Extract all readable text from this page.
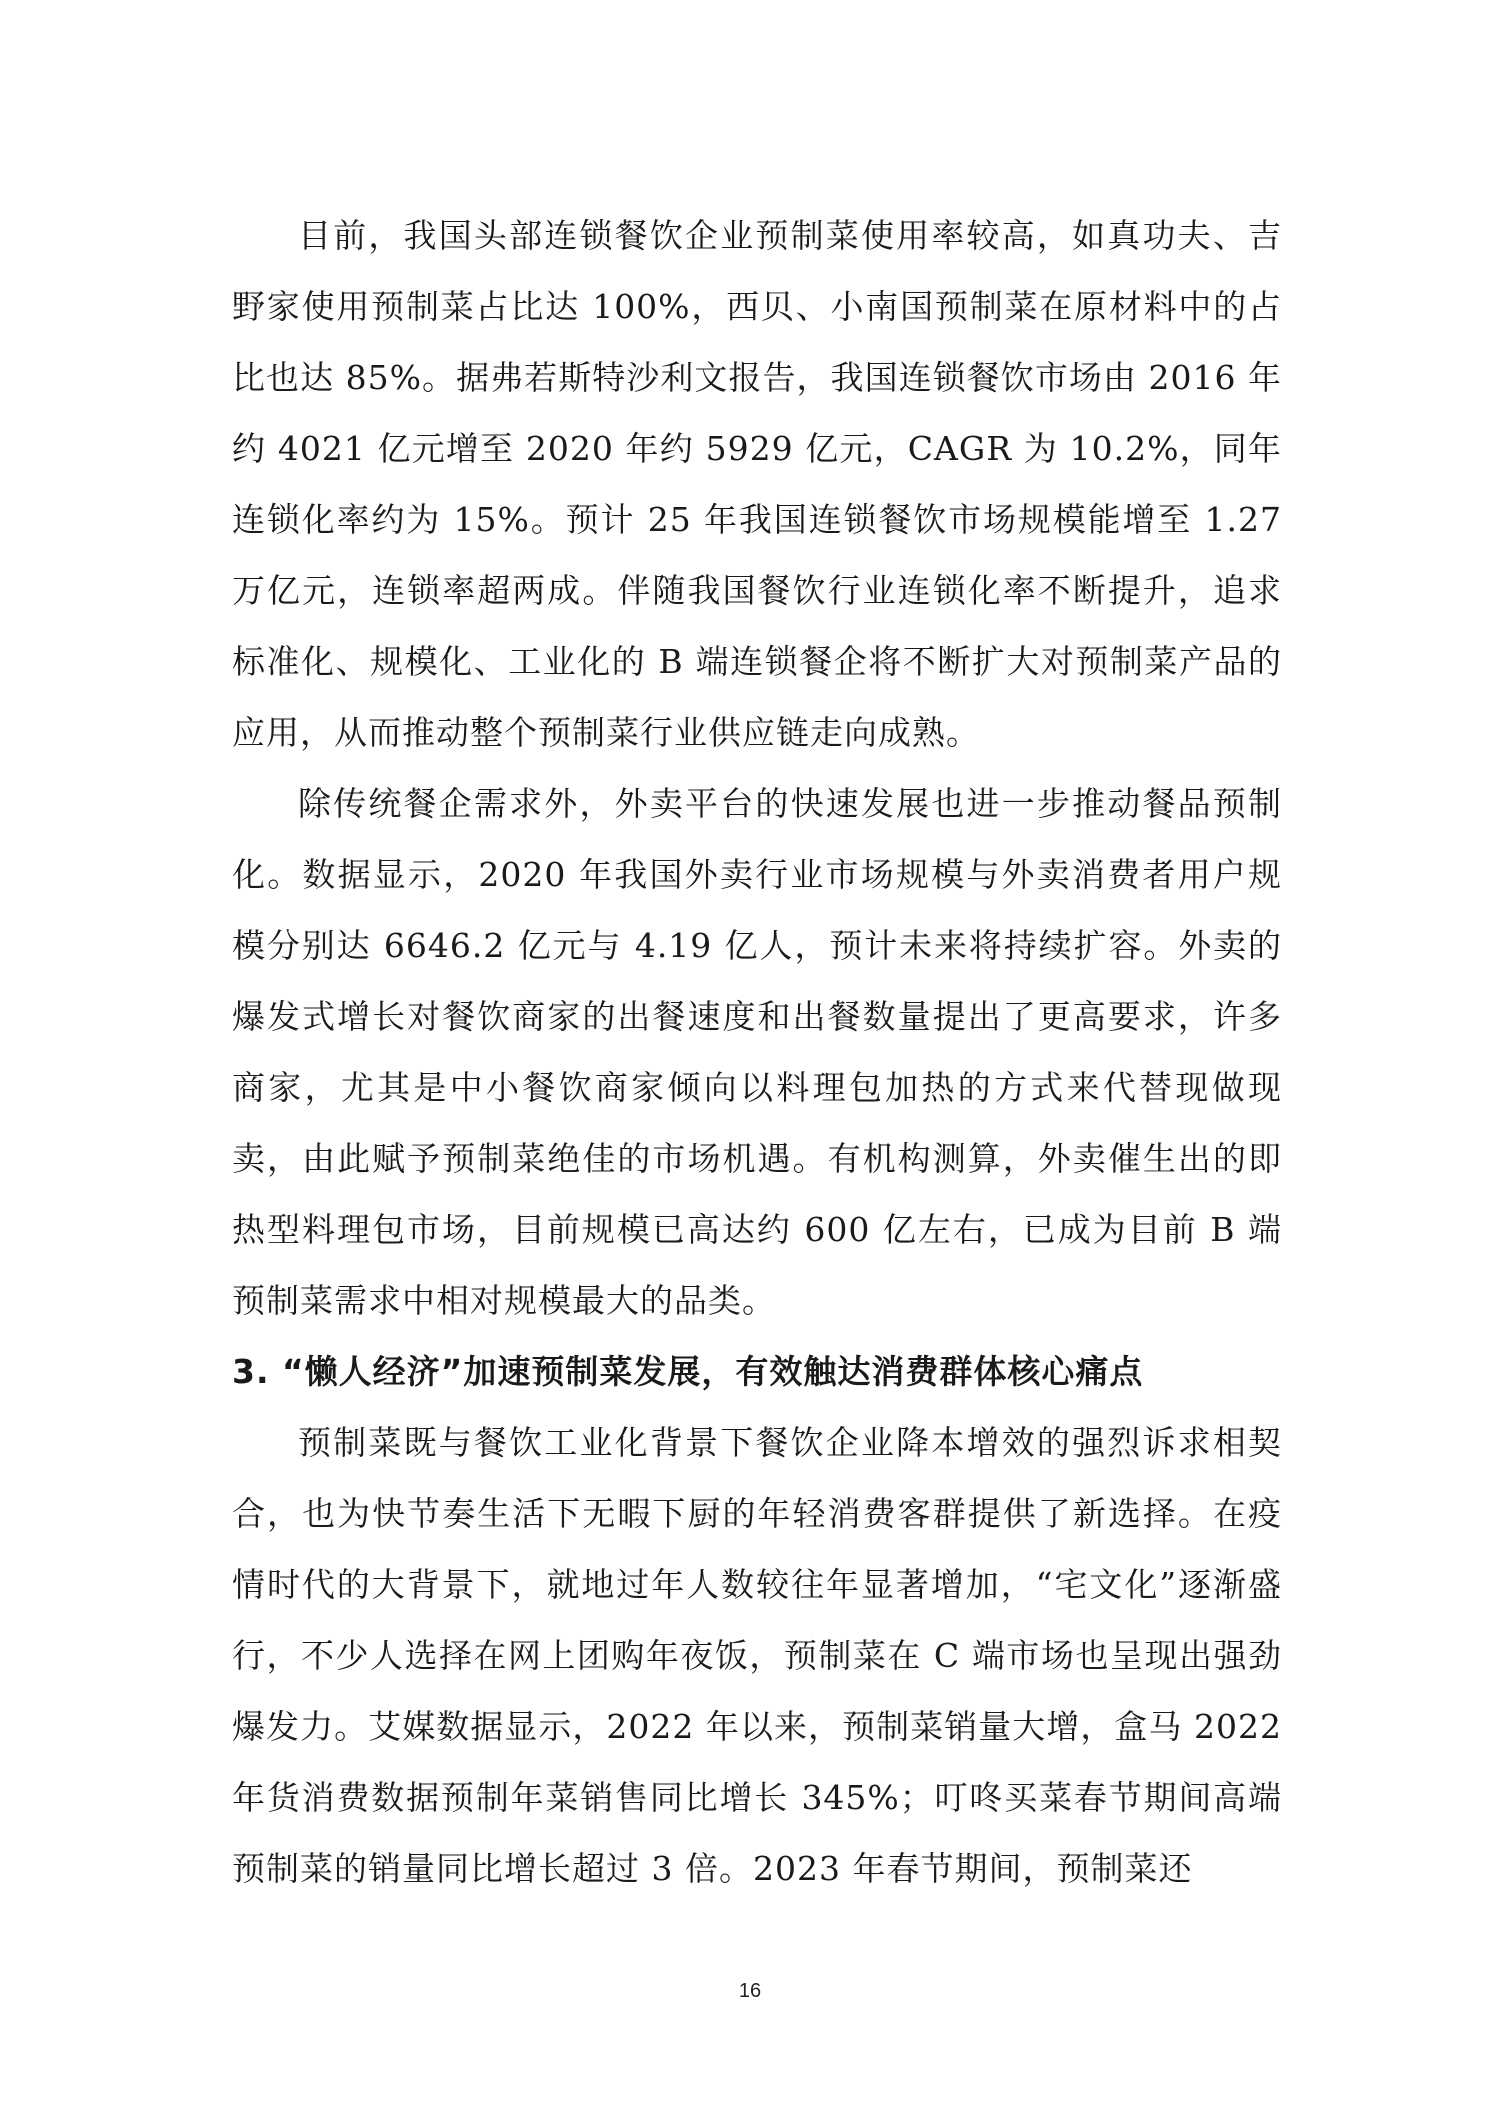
目前，我国头部连锁餐饮企业预制菜使用率较高，如真功夫、吉野家使用预制菜占比达 100%，西贝、小南国预制菜在原材料中的占比也达 85%。据弗若斯特沙利文报告，我国连锁餐饮市场由 2016 年约 4021 亿元增至 2020 年约 5929 亿元，CAGR 为 10.2%，同年连锁化率约为 15%。预计 25 年我国连锁餐饮市场规模能增至 1.27 万亿元，连锁率超两成。伴随我国餐饮行业连锁化率不断提升，追求标准化、规模化、工业化的 B 端连锁餐企将不断扩大对预制菜产品的应用，从而推动整个预制菜行业供应链走向成熟。

除传统餐企需求外，外卖平台的快速发展也进一步推动餐品预制化。数据显示，2020 年我国外卖行业市场规模与外卖消费者用户规模分别达 6646.2 亿元与 4.19 亿人，预计未来将持续扩容。外卖的爆发式增长对餐饮商家的出餐速度和出餐数量提出了更高要求，许多商家，尤其是中小餐饮商家倾向以料理包加热的方式来代替现做现卖，由此赋予预制菜绝佳的市场机遇。有机构测算，外卖催生出的即热型料理包市场，目前规模已高达约 600 亿左右，已成为目前 B 端预制菜需求中相对规模最大的品类。

3. “懒人经济”加速预制菜发展，有效触达消费群体核心痛点

预制菜既与餐饮工业化背景下餐饮企业降本增效的强烈诉求相契合，也为快节奏生活下无暇下厨的年轻消费客群提供了新选择。在疫情时代的大背景下，就地过年人数较往年显著增加，“宅文化”逐渐盛行，不少人选择在网上团购年夜饭，预制菜在 C 端市场也呈现出强劲爆发力。艾媒数据显示，2022 年以来，预制菜销量大增，盒马 2022 年货消费数据预制年菜销售同比增长 345%；叮咚买菜春节期间高端预制菜的销量同比增长超过 3 倍。2023 年春节期间，预制菜还

16
